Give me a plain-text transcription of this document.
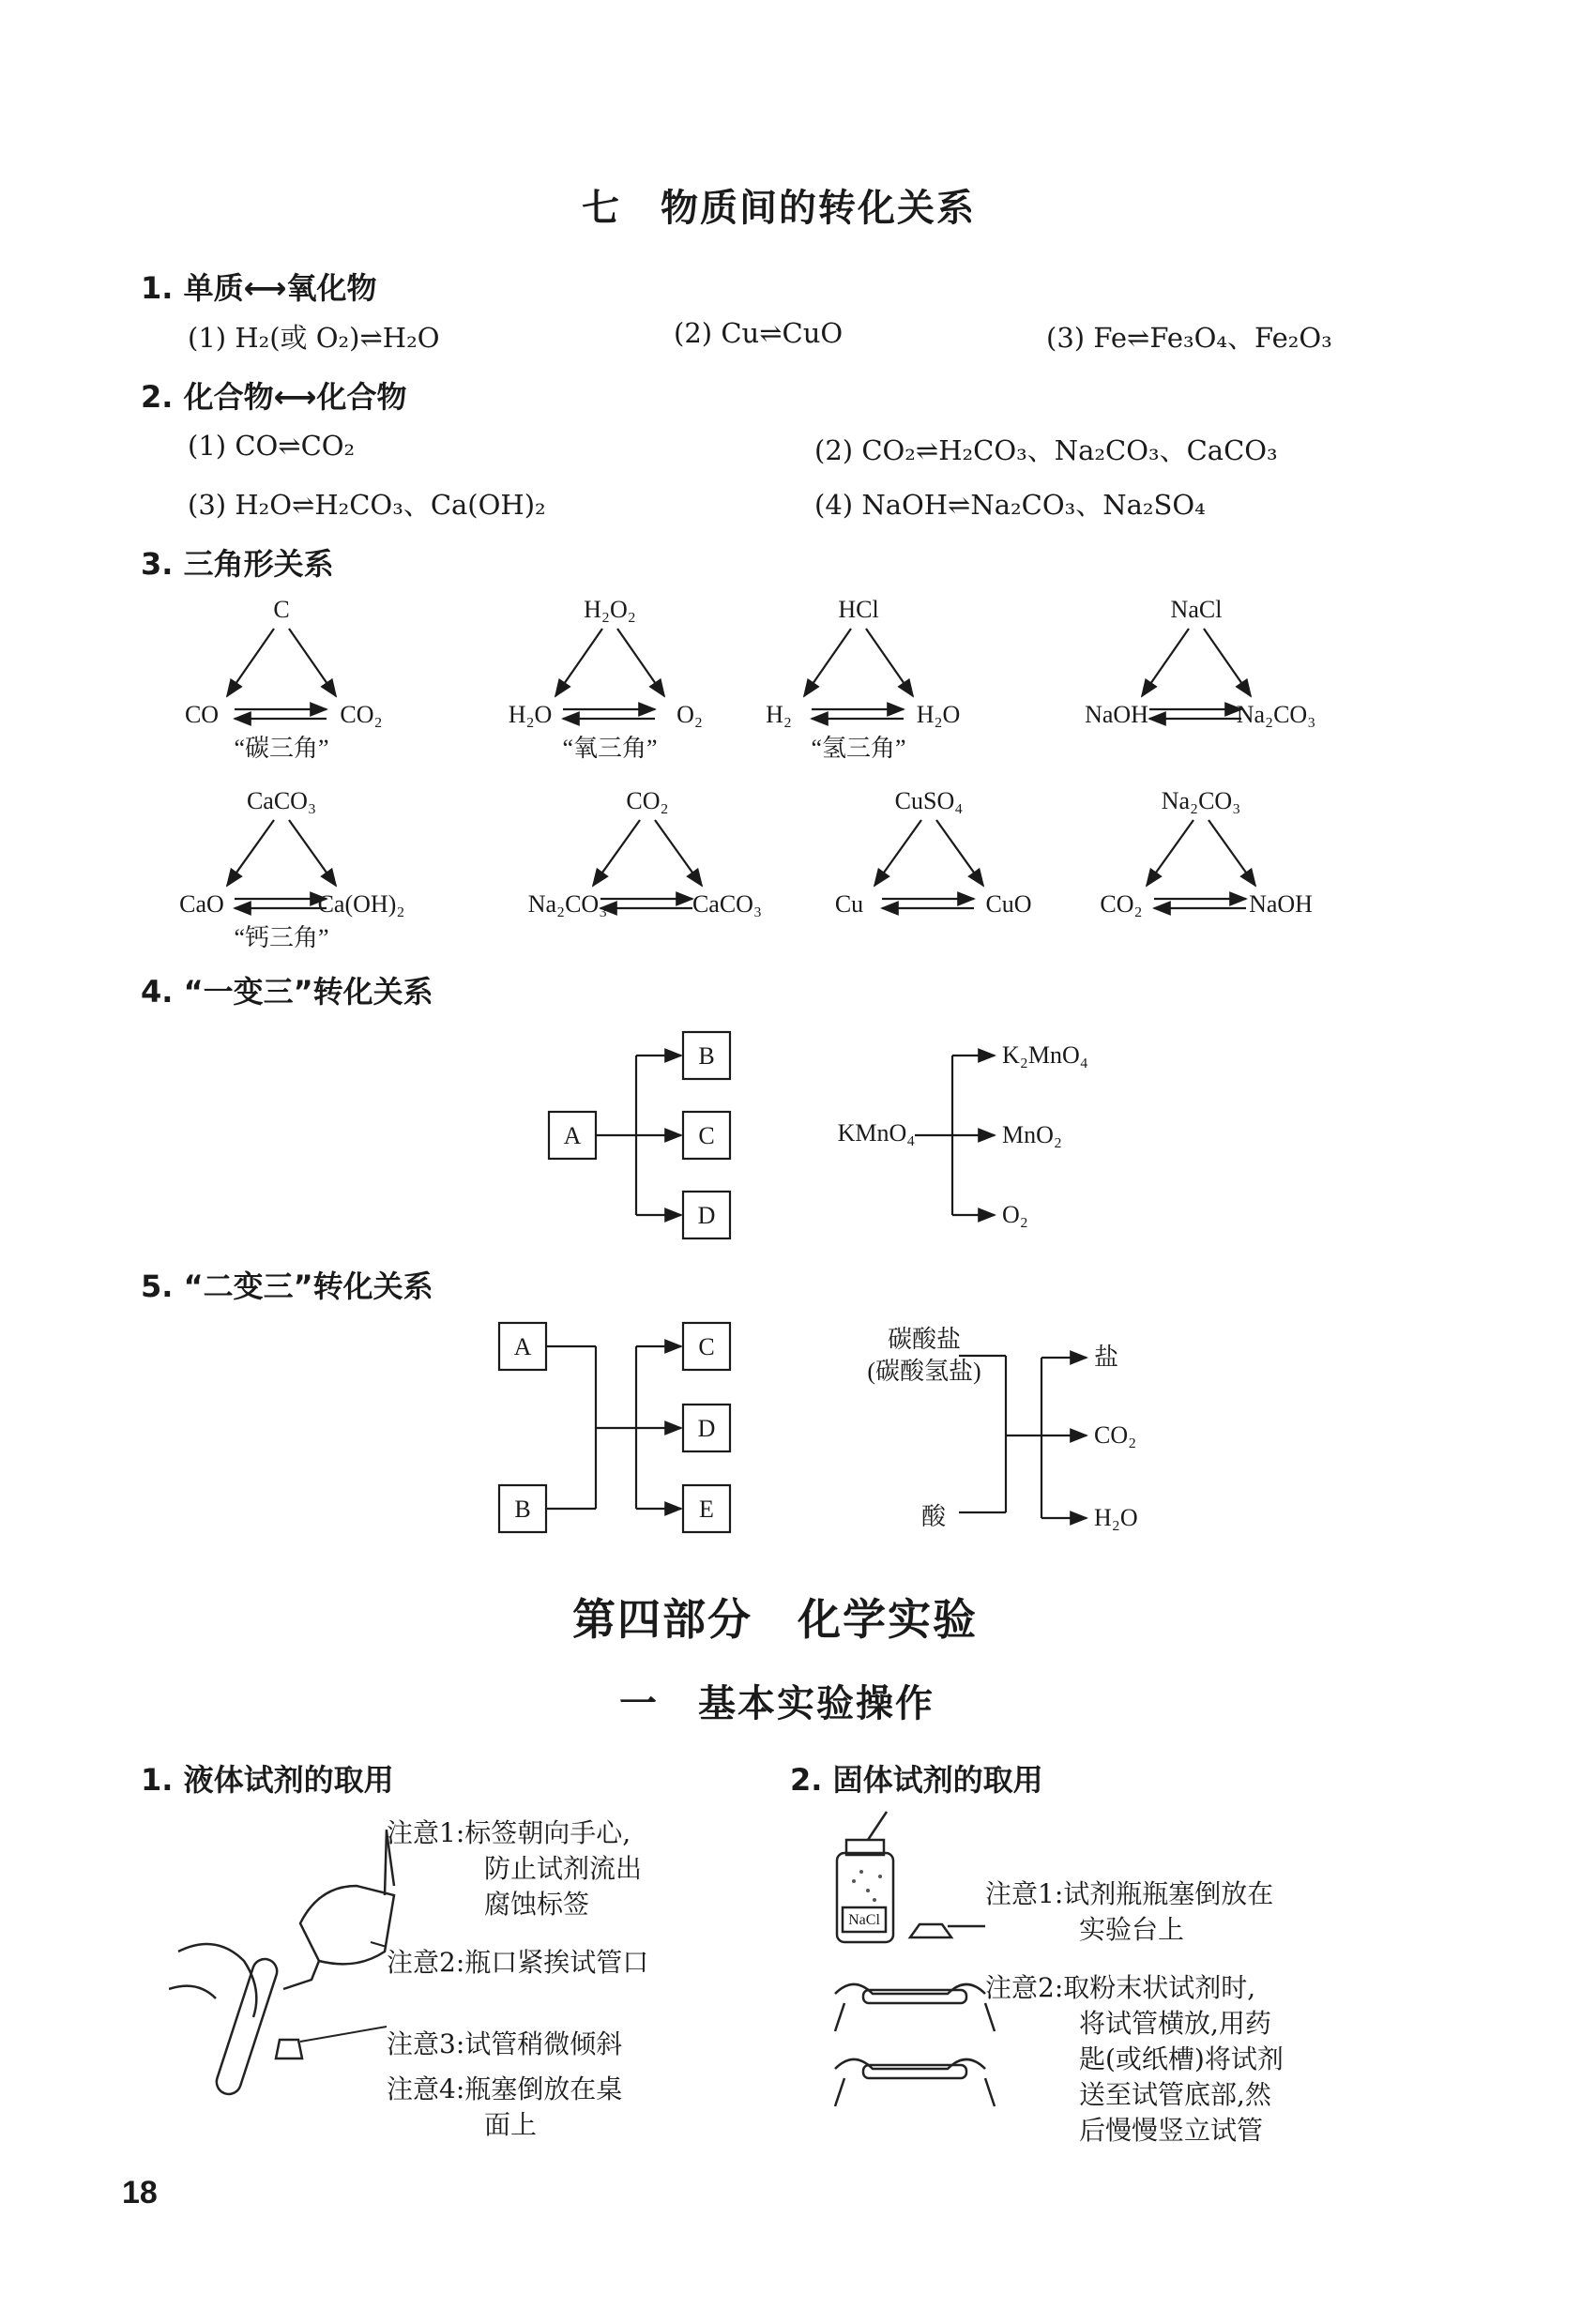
七　物质间的转化关系
1. 单质⟷氧化物
(1) H₂(或 O₂)⇌H₂O	(2) Cu⇌CuO	(3) Fe⇌Fe₃O₄、Fe₂O₃
2. 化合物⟷化合物
(1) CO⇌CO₂	(2) CO₂⇌H₂CO₃、Na₂CO₃、CaCO₃
(3) H₂O⇌H₂CO₃、Ca(OH)₂	(4) NaOH⇌Na₂CO₃、Na₂SO₄
3. 三角形关系
C
CO	CO₂
“碳三角”
H₂O₂
H₂O	O₂
“氧三角”
HCl
H₂	H₂O
“氢三角”
NaCl
NaOH	Na₂CO₃
CaCO₃
CaO	Ca(OH)₂
“钙三角”
CO₂
Na₂CO₃	CaCO₃
CuSO₄
Cu	CuO
Na₂CO₃
CO₂	NaOH
A
B
C
D
KMnO₄
K₂MnO₄
MnO₂
O₂
A
B
C
D
E
碳酸盐
(碳酸氢盐)
酸
盐
CO₂
H₂O
4. “一变三”转化关系
5. “二变三”转化关系
第四部分　化学实验
一　基本实验操作
1. 液体试剂的取用
注意1:标签朝向手心,
防止试剂流出
腐蚀标签
注意2:瓶口紧挨试管口
注意3:试管稍微倾斜
注意4:瓶塞倒放在桌
面上
2. 固体试剂的取用
注意1:试剂瓶瓶塞倒放在
实验台上
注意2:取粉末状试剂时,
将试管横放,用药
匙(或纸槽)将试剂
送至试管底部,然
后慢慢竖立试管
NaCl
18
